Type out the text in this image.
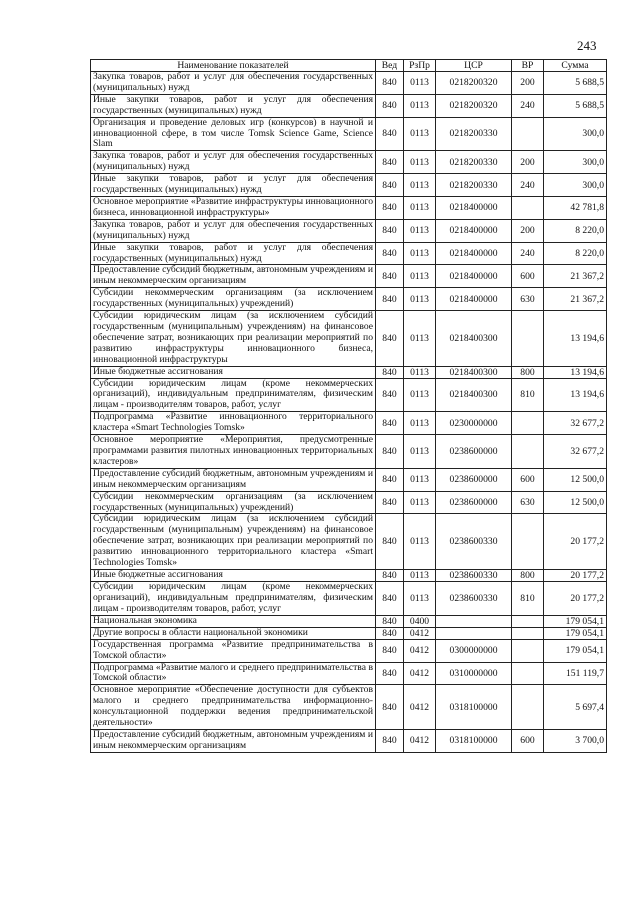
243
Наименование показателей	Вед	РзПр	ЦСР	ВР	Сумма
Закупка товаров, работ и услуг для обеспечения государственных (муниципальных) нужд	840	0113	0218200320	200	5 688,5
Иные закупки товаров, работ и услуг для обеспечения государственных (муниципальных) нужд	840	0113	0218200320	240	5 688,5
Организация и проведение деловых игр (конкурсов) в научной и инновационной сфере, в том числе Tomsk Science Game, Science Slam	840	0113	0218200330		300,0
Закупка товаров, работ и услуг для обеспечения государственных (муниципальных) нужд	840	0113	0218200330	200	300,0
Иные закупки товаров, работ и услуг для обеспечения государственных (муниципальных) нужд	840	0113	0218200330	240	300,0
Основное мероприятие «Развитие инфраструктуры инновационного бизнеса, инновационной инфраструктуры»	840	0113	0218400000		42 781,8
Закупка товаров, работ и услуг для обеспечения государственных (муниципальных) нужд	840	0113	0218400000	200	8 220,0
Иные закупки товаров, работ и услуг для обеспечения государственных (муниципальных) нужд	840	0113	0218400000	240	8 220,0
Предоставление субсидий бюджетным, автономным учреждениям и иным некоммерческим организациям	840	0113	0218400000	600	21 367,2
Субсидии некоммерческим организациям (за исключением государственных (муниципальных) учреждений)	840	0113	0218400000	630	21 367,2
Субсидии юридическим лицам (за исключением субсидий государственным (муниципальным) учреждениям) на финансовое обеспечение затрат, возникающих при реализации мероприятий по развитию инфраструктуры инновационного бизнеса, инновационной инфраструктуры	840	0113	0218400300		13 194,6
Иные бюджетные ассигнования	840	0113	0218400300	800	13 194,6
Субсидии юридическим лицам (кроме некоммерческих организаций), индивидуальным предпринимателям, физическим лицам - производителям товаров, работ, услуг	840	0113	0218400300	810	13 194,6
Подпрограмма «Развитие инновационного территориального кластера «Smart Technologies Tomsk»	840	0113	0230000000		32 677,2
Основное мероприятие «Мероприятия, предусмотренные программами развития пилотных инновационных территориальных кластеров»	840	0113	0238600000		32 677,2
Предоставление субсидий бюджетным, автономным учреждениям и иным некоммерческим организациям	840	0113	0238600000	600	12 500,0
Субсидии некоммерческим организациям (за исключением государственных (муниципальных) учреждений)	840	0113	0238600000	630	12 500,0
Субсидии юридическим лицам (за исключением субсидий государственным (муниципальным) учреждениям) на финансовое обеспечение затрат, возникающих при реализации мероприятий по развитию инновационного территориального кластера «Smart Technologies Tomsk»	840	0113	0238600330		20 177,2
Иные бюджетные ассигнования	840	0113	0238600330	800	20 177,2
Субсидии юридическим лицам (кроме некоммерческих организаций), индивидуальным предпринимателям, физическим лицам - производителям товаров, работ, услуг	840	0113	0238600330	810	20 177,2
Национальная экономика	840	0400			179 054,1
Другие вопросы в области национальной экономики	840	0412			179 054,1
Государственная программа «Развитие предпринимательства в Томской области»	840	0412	0300000000		179 054,1
Подпрограмма «Развитие малого и среднего предпринимательства в Томской области»	840	0412	0310000000		151 119,7
Основное мероприятие «Обеспечение доступности для субъектов малого и среднего предпринимательства информационно-консультационной поддержки ведения предпринимательской деятельности»	840	0412	0318100000		5 697,4
Предоставление субсидий бюджетным, автономным учреждениям и иным некоммерческим организациям	840	0412	0318100000	600	3 700,0
